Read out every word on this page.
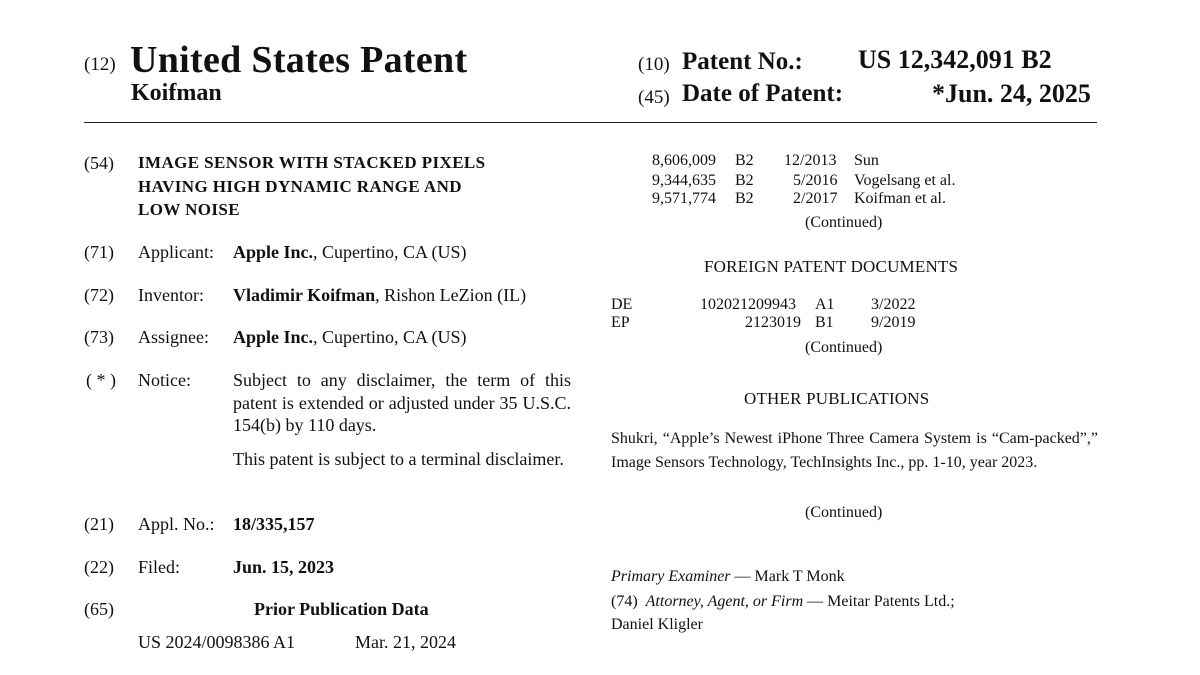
(12) United States Patent
Koifman
(10) Patent No.: US 12,342,091 B2
(45) Date of Patent:	*Jun. 24, 2025
(54) IMAGE SENSOR WITH STACKED PIXELS
HAVING HIGH DYNAMIC RANGE AND
LOW NOISE
(71) Applicant: Apple Inc., Cupertino, CA (US)
(72) Inventor: Vladimir Koifman, Rishon LeZion (IL)
(73) Assignee: Apple Inc., Cupertino, CA (US)
( * ) Notice: Subject to any disclaimer, the term of this patent is extended or adjusted under 35 U.S.C. 154(b) by 110 days.
This patent is subject to a terminal disclaimer.
(21) Appl. No.: 18/335,157
(22) Filed:	Jun. 15, 2023
(65)	Prior Publication Data
US 2024/0098386 A1	Mar. 21, 2024
8,606,009 B2 12/2013 Sun
9,344,635 B2 5/2016 Vogelsang et al.
9,571,774 B2 2/2017 Koifman et al.
(Continued)
FOREIGN PATENT DOCUMENTS
DE	102021209943 A1 3/2022
EP	2123019 B1 9/2019
(Continued)
OTHER PUBLICATIONS
Shukri, “Apple’s Newest iPhone Three Camera System is “Cam-packed”,” Image Sensors Technology, TechInsights Inc., pp. 1-10, year 2023.
(Continued)
Primary Examiner — Mark T Monk
(74) Attorney, Agent, or Firm — Meitar Patents Ltd.;
Daniel Kligler
